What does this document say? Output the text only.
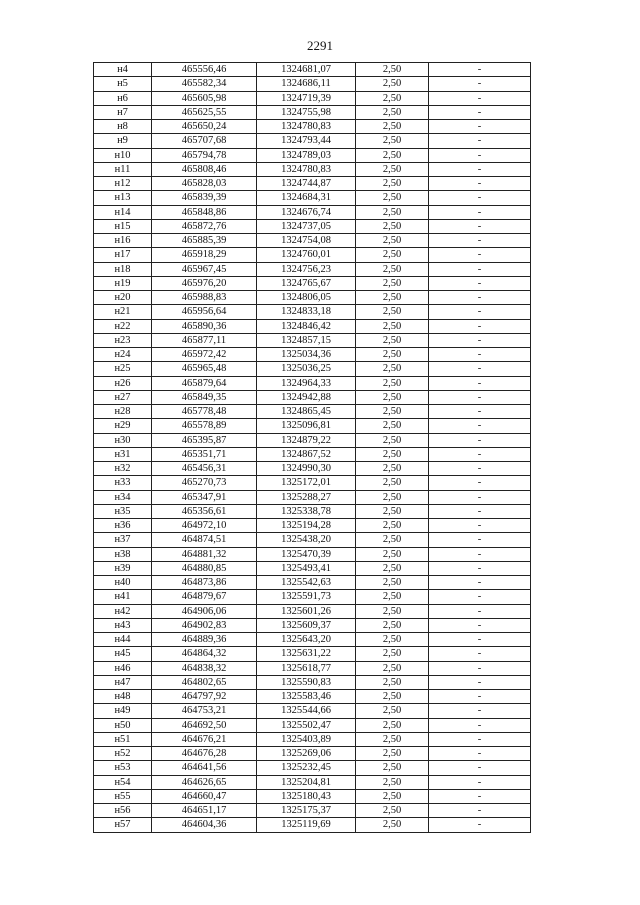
2291
н4	465556,46	1324681,07	2,50	-
н5	465582,34	1324686,11	2,50	-
н6	465605,98	1324719,39	2,50	-
н7	465625,55	1324755,98	2,50	-
н8	465650,24	1324780,83	2,50	-
н9	465707,68	1324793,44	2,50	-
н10	465794,78	1324789,03	2,50	-
н11	465808,46	1324780,83	2,50	-
н12	465828,03	1324744,87	2,50	-
н13	465839,39	1324684,31	2,50	-
н14	465848,86	1324676,74	2,50	-
н15	465872,76	1324737,05	2,50	-
н16	465885,39	1324754,08	2,50	-
н17	465918,29	1324760,01	2,50	-
н18	465967,45	1324756,23	2,50	-
н19	465976,20	1324765,67	2,50	-
н20	465988,83	1324806,05	2,50	-
н21	465956,64	1324833,18	2,50	-
н22	465890,36	1324846,42	2,50	-
н23	465877,11	1324857,15	2,50	-
н24	465972,42	1325034,36	2,50	-
н25	465965,48	1325036,25	2,50	-
н26	465879,64	1324964,33	2,50	-
н27	465849,35	1324942,88	2,50	-
н28	465778,48	1324865,45	2,50	-
н29	465578,89	1325096,81	2,50	-
н30	465395,87	1324879,22	2,50	-
н31	465351,71	1324867,52	2,50	-
н32	465456,31	1324990,30	2,50	-
н33	465270,73	1325172,01	2,50	-
н34	465347,91	1325288,27	2,50	-
н35	465356,61	1325338,78	2,50	-
н36	464972,10	1325194,28	2,50	-
н37	464874,51	1325438,20	2,50	-
н38	464881,32	1325470,39	2,50	-
н39	464880,85	1325493,41	2,50	-
н40	464873,86	1325542,63	2,50	-
н41	464879,67	1325591,73	2,50	-
н42	464906,06	1325601,26	2,50	-
н43	464902,83	1325609,37	2,50	-
н44	464889,36	1325643,20	2,50	-
н45	464864,32	1325631,22	2,50	-
н46	464838,32	1325618,77	2,50	-
н47	464802,65	1325590,83	2,50	-
н48	464797,92	1325583,46	2,50	-
н49	464753,21	1325544,66	2,50	-
н50	464692,50	1325502,47	2,50	-
н51	464676,21	1325403,89	2,50	-
н52	464676,28	1325269,06	2,50	-
н53	464641,56	1325232,45	2,50	-
н54	464626,65	1325204,81	2,50	-
н55	464660,47	1325180,43	2,50	-
н56	464651,17	1325175,37	2,50	-
н57	464604,36	1325119,69	2,50	-
